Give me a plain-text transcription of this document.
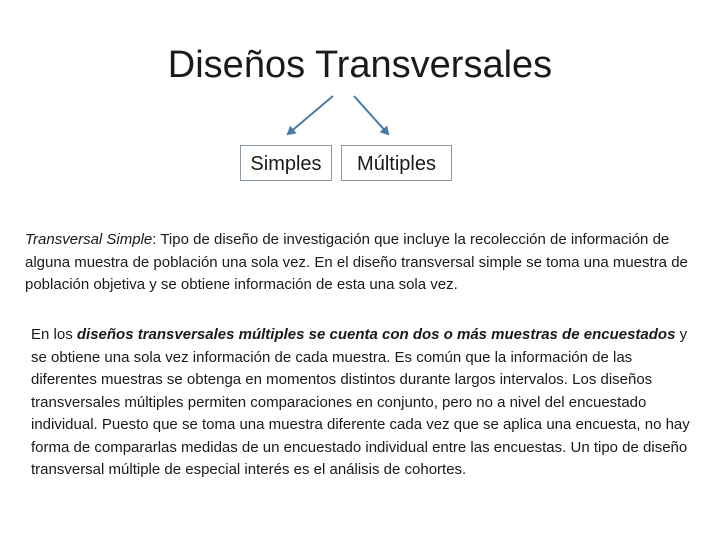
Diseños Transversales
Simples	Múltiples
Transversal Simple: Tipo de diseño de investigación que incluye la recolección de información de alguna muestra de población una sola vez. En el diseño transversal simple se toma una muestra de población objetiva y se obtiene información de esta una sola vez.
En los diseños transversales múltiples se cuenta con dos o más muestras de encuestados y se obtiene una sola vez información de cada muestra. Es común que la información de las diferentes muestras se obtenga en momentos distintos durante largos intervalos. Los diseños transversales múltiples permiten comparaciones en conjunto, pero no a nivel del encuestado individual. Puesto que se toma una muestra diferente cada vez que se aplica una encuesta, no hay forma de compararlas medidas de un encuestado individual entre las encuestas. Un tipo de diseño transversal múltiple de especial interés es el análisis de cohortes.
